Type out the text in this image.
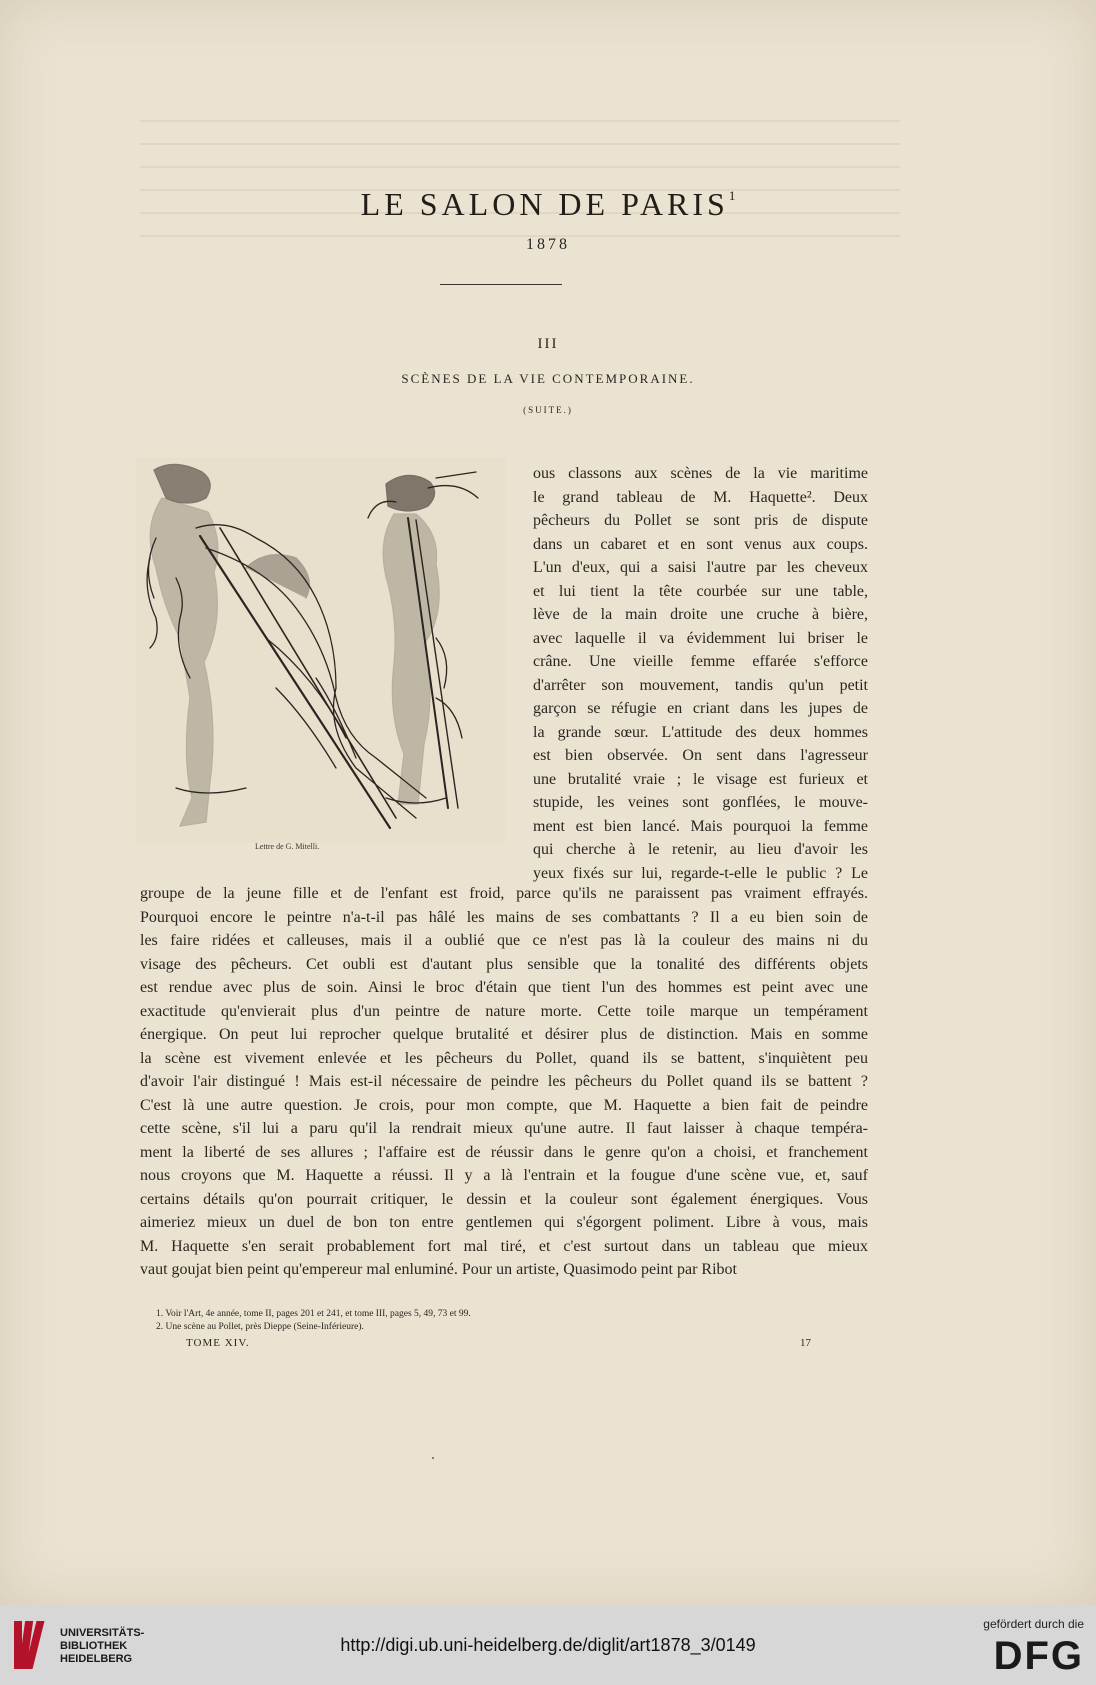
LE SALON DE PARIS$^1$
1878
III
SCÈNES DE LA VIE CONTEMPORAINE.
(SUITE.)
Lettre de G. Mitelli.
ous classons aux scènes de la vie maritime
le grand tableau de M. Haquette². Deux
pêcheurs du Pollet se sont pris de dispute
dans un cabaret et en sont venus aux coups.
L'un d'eux, qui a saisi l'autre par les cheveux
et lui tient la tête courbée sur une table,
lève de la main droite une cruche à bière,
avec laquelle il va évidemment lui briser le
crâne. Une vieille femme effarée s'efforce
d'arrêter son mouvement, tandis qu'un petit
garçon se réfugie en criant dans les jupes de
la grande sœur. L'attitude des deux hommes
est bien observée. On sent dans l'agresseur
une brutalité vraie ; le visage est furieux et
stupide, les veines sont gonflées, le mouve-
ment est bien lancé. Mais pourquoi la femme
qui cherche à le retenir, au lieu d'avoir les
yeux fixés sur lui, regarde-t-elle le public ? Le
groupe de la jeune fille et de l'enfant est froid, parce qu'ils ne paraissent pas vraiment effrayés.
Pourquoi encore le peintre n'a-t-il pas hâlé les mains de ses combattants ? Il a eu bien soin de
les faire ridées et calleuses, mais il a oublié que ce n'est pas là la couleur des mains ni du
visage des pêcheurs. Cet oubli est d'autant plus sensible que la tonalité des différents objets
est rendue avec plus de soin. Ainsi le broc d'étain que tient l'un des hommes est peint avec une
exactitude qu'envierait plus d'un peintre de nature morte. Cette toile marque un tempérament
énergique. On peut lui reprocher quelque brutalité et désirer plus de distinction. Mais en somme
la scène est vivement enlevée et les pêcheurs du Pollet, quand ils se battent, s'inquiètent peu
d'avoir l'air distingué ! Mais est-il nécessaire de peindre les pêcheurs du Pollet quand ils se battent ?
C'est là une autre question. Je crois, pour mon compte, que M. Haquette a bien fait de peindre
cette scène, s'il lui a paru qu'il la rendrait mieux qu'une autre. Il faut laisser à chaque tempéra-
ment la liberté de ses allures ; l'affaire est de réussir dans le genre qu'on a choisi, et franchement
nous croyons que M. Haquette a réussi. Il y a là l'entrain et la fougue d'une scène vue, et, sauf
certains détails qu'on pourrait critiquer, le dessin et la couleur sont également énergiques. Vous
aimeriez mieux un duel de bon ton entre gentlemen qui s'égorgent poliment. Libre à vous, mais
M. Haquette s'en serait probablement fort mal tiré, et c'est surtout dans un tableau que mieux
vaut goujat bien peint qu'empereur mal enluminé. Pour un artiste, Quasimodo peint par Ribot
1. Voir l'Art, 4e année, tome II, pages 201 et 241, et tome III, pages 5, 49, 73 et 99.
2. Une scène au Pollet, près Dieppe (Seine-Inférieure).
TOME XIV.	17
UNIVERSITÄTS-
BIBLIOTHEK
HEIDELBERG
http://digi.ub.uni-heidelberg.de/diglit/art1878_3/0149
gefördert durch die
DFG
